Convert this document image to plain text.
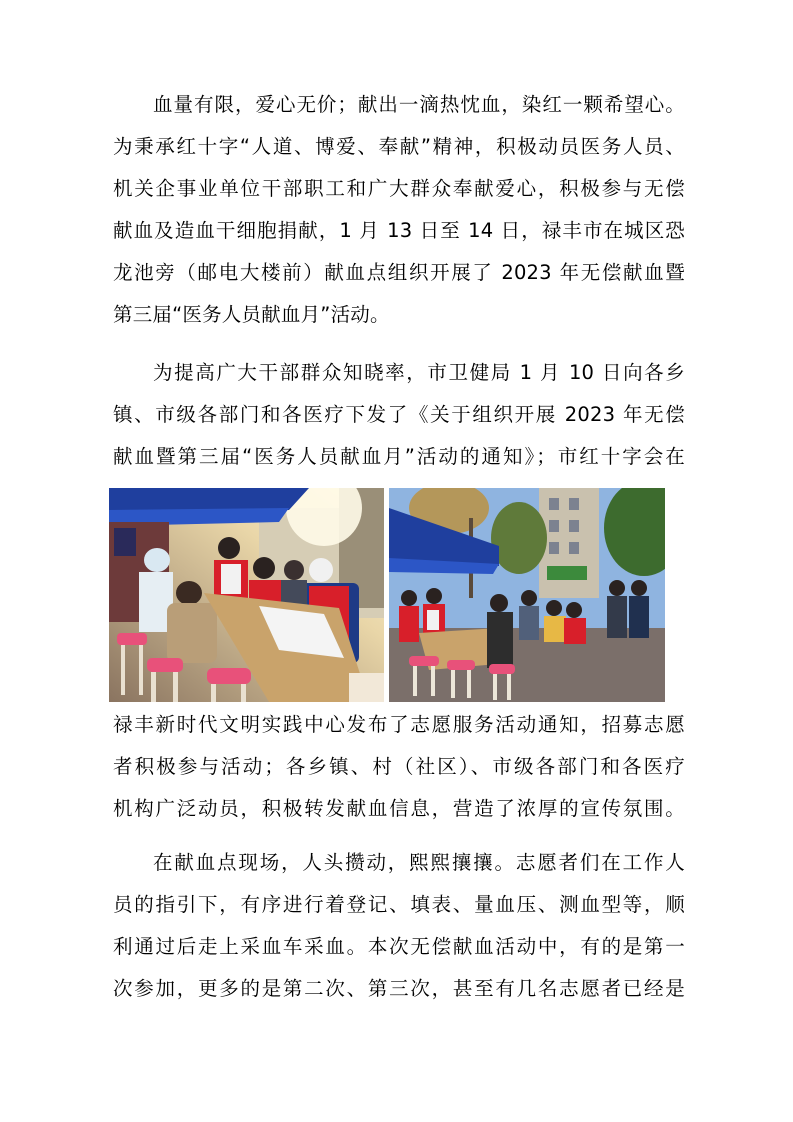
血量有限，爱心无价；献出一滴热忱血，染红一颗希望心。
为秉承红十字“人道、博爱、奉献”精神，积极动员医务人员、
机关企事业单位干部职工和广大群众奉献爱心，积极参与无偿
献血及造血干细胞捐献，1 月 13 日至 14 日，禄丰市在城区恐
龙池旁（邮电大楼前）献血点组织开展了 2023 年无偿献血暨
第三届“医务人员献血月”活动。
为提高广大干部群众知晓率，市卫健局 1 月 10 日向各乡
镇、市级各部门和各医疗下发了《关于组织开展 2023 年无偿
献血暨第三届“医务人员献血月”活动的通知》；市红十字会在
禄丰新时代文明实践中心发布了志愿服务活动通知，招募志愿
者积极参与活动；各乡镇、村（社区）、市级各部门和各医疗
机构广泛动员，积极转发献血信息，营造了浓厚的宣传氛围。
在献血点现场，人头攒动，熙熙攘攘。志愿者们在工作人
员的指引下，有序进行着登记、填表、量血压、测血型等，顺
利通过后走上采血车采血。本次无偿献血活动中，有的是第一
次参加，更多的是第二次、第三次，甚至有几名志愿者已经是
